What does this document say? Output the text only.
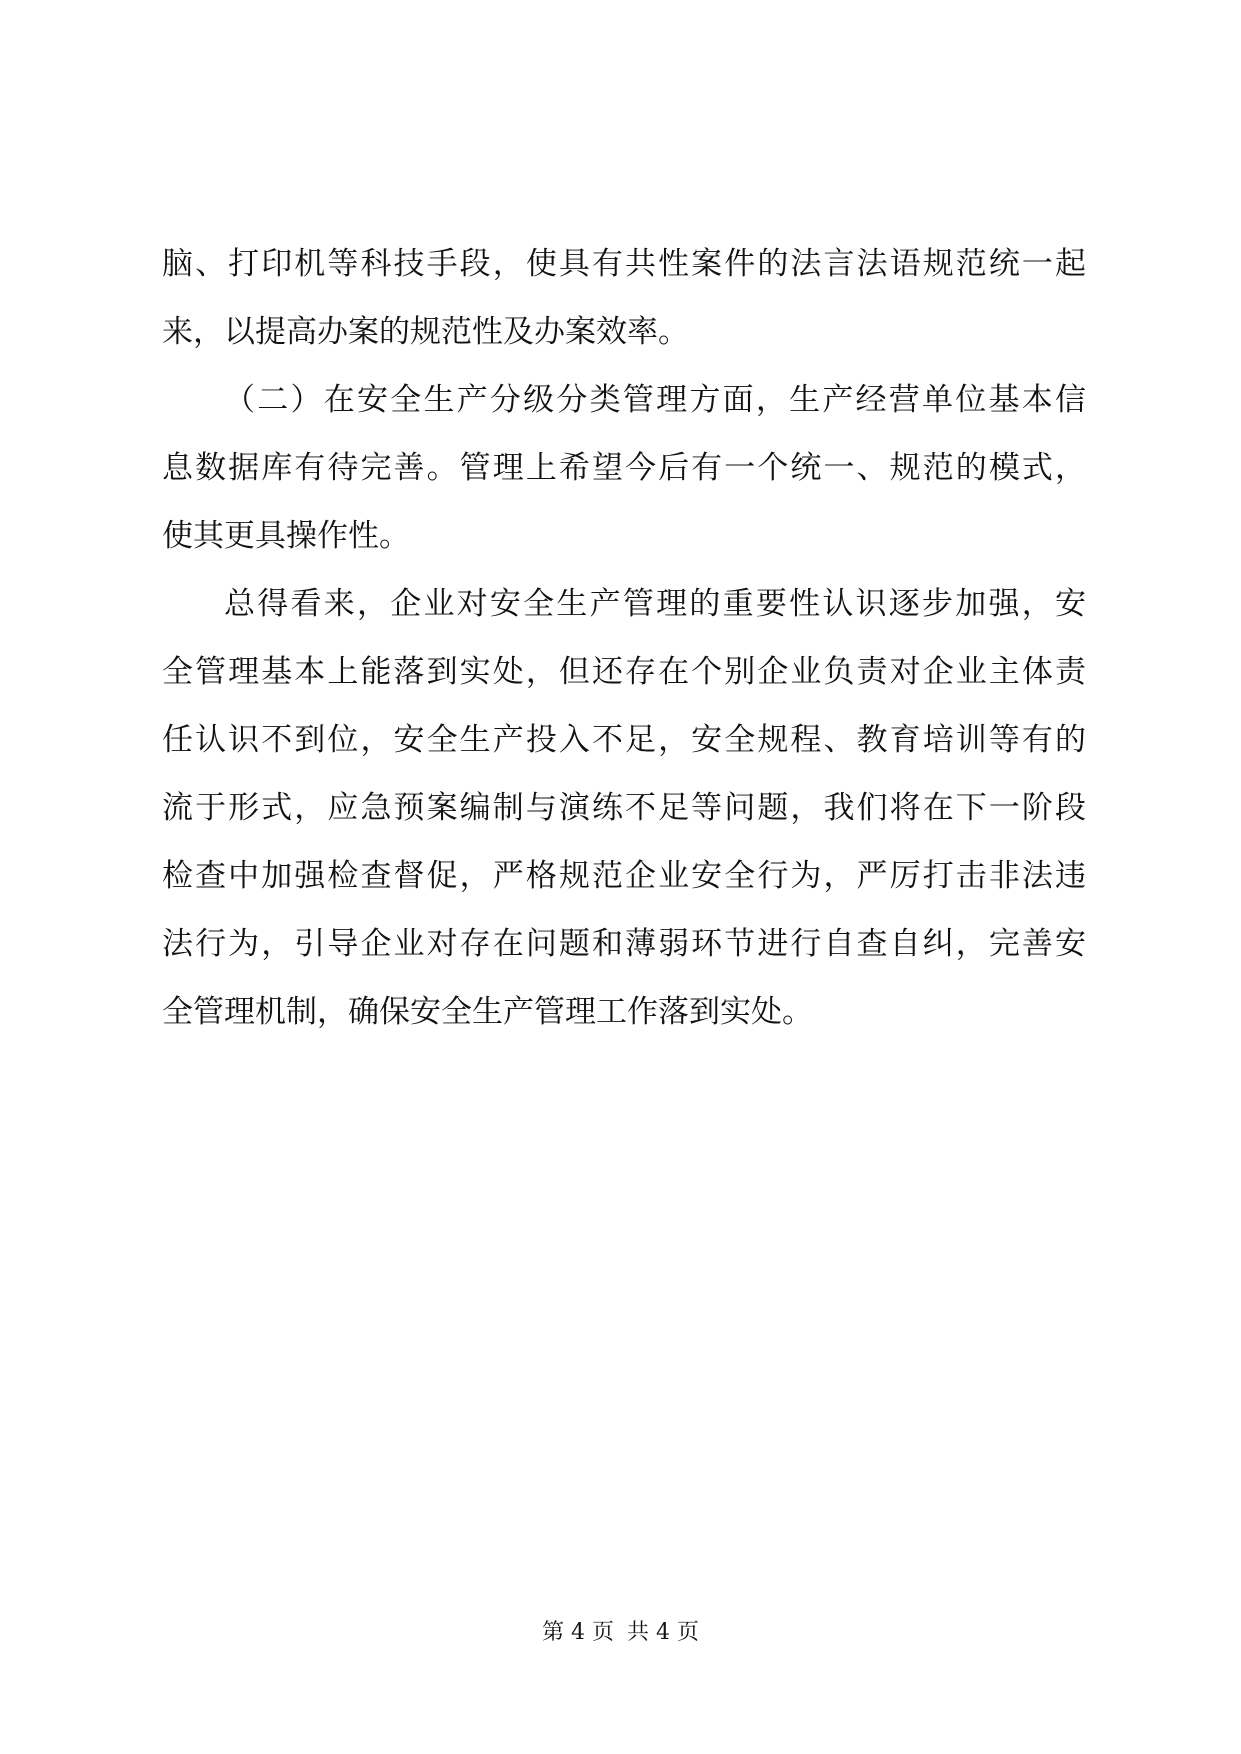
脑、打印机等科技手段，使具有共性案件的法言法语规范统一起
来，以提高办案的规范性及办案效率。
（二）在安全生产分级分类管理方面，生产经营单位基本信
息数据库有待完善。管理上希望今后有一个统一、规范的模式，
使其更具操作性。
总得看来，企业对安全生产管理的重要性认识逐步加强，安
全管理基本上能落到实处，但还存在个别企业负责对企业主体责
任认识不到位，安全生产投入不足，安全规程、教育培训等有的
流于形式，应急预案编制与演练不足等问题，我们将在下一阶段
检查中加强检查督促，严格规范企业安全行为，严厉打击非法违
法行为，引导企业对存在问题和薄弱环节进行自查自纠，完善安
全管理机制，确保安全生产管理工作落到实处。
第 4 页 共 4 页
